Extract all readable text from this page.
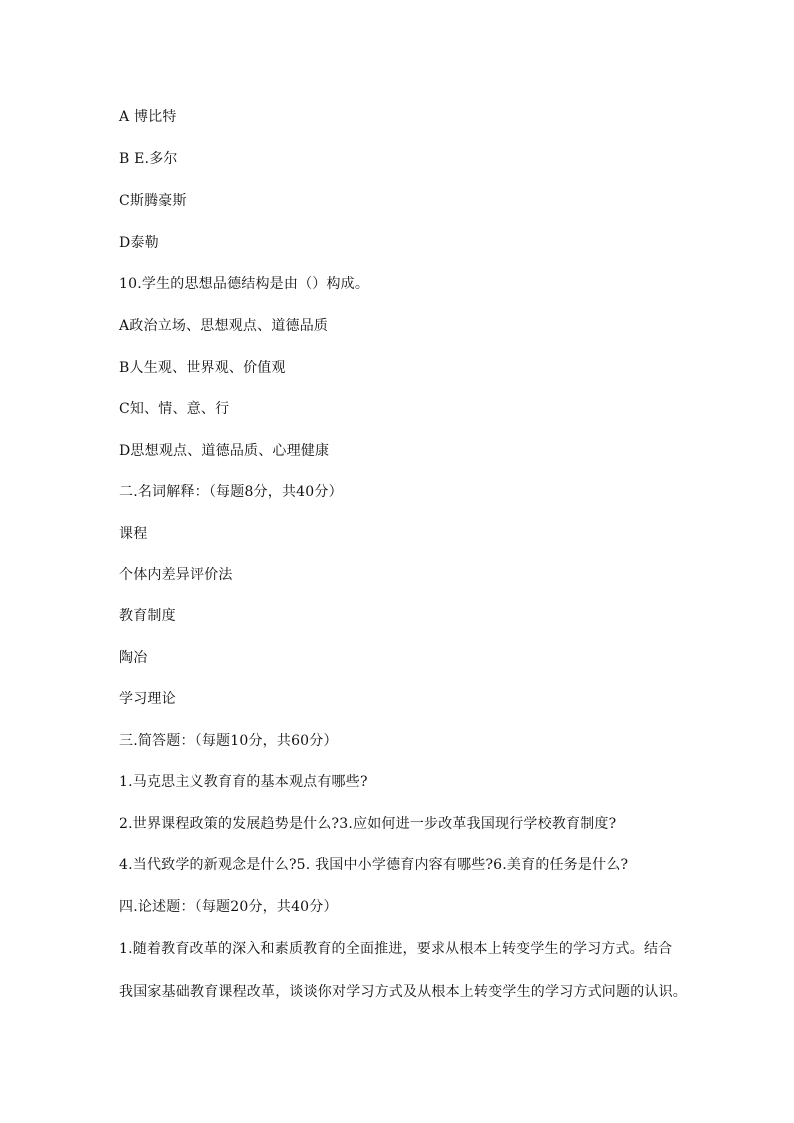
A 博比特
B E.多尔
C斯腾豪斯
D泰勒
10.学生的思想品德结构是由（）构成。
A政治立场、思想观点、道德品质
B人生观、世界观、价值观
C知、情、意、行
D思想观点、道德品质、心理健康
二.名词解释：（每题8分，共40分）
课程
个体内差异评价法
教育制度
陶冶
学习理论
三.简答题：（每题10分，共60分）
1.马克思主义教育育的基本观点有哪些?
2.世界课程政策的发展趋势是什么?3.应如何进一步改革我国现行学校教育制度?
4.当代致学的新观念是什么?5. 我国中小学德育内容有哪些?6.美育的任务是什么?
四.论述题：（每题20分，共40分）
1.随着教育改革的深入和素质教育的全面推进，要求从根本上转变学生的学习方式。结合
我国家基础教育课程改革，谈谈你对学习方式及从根本上转变学生的学习方式问题的认识。
